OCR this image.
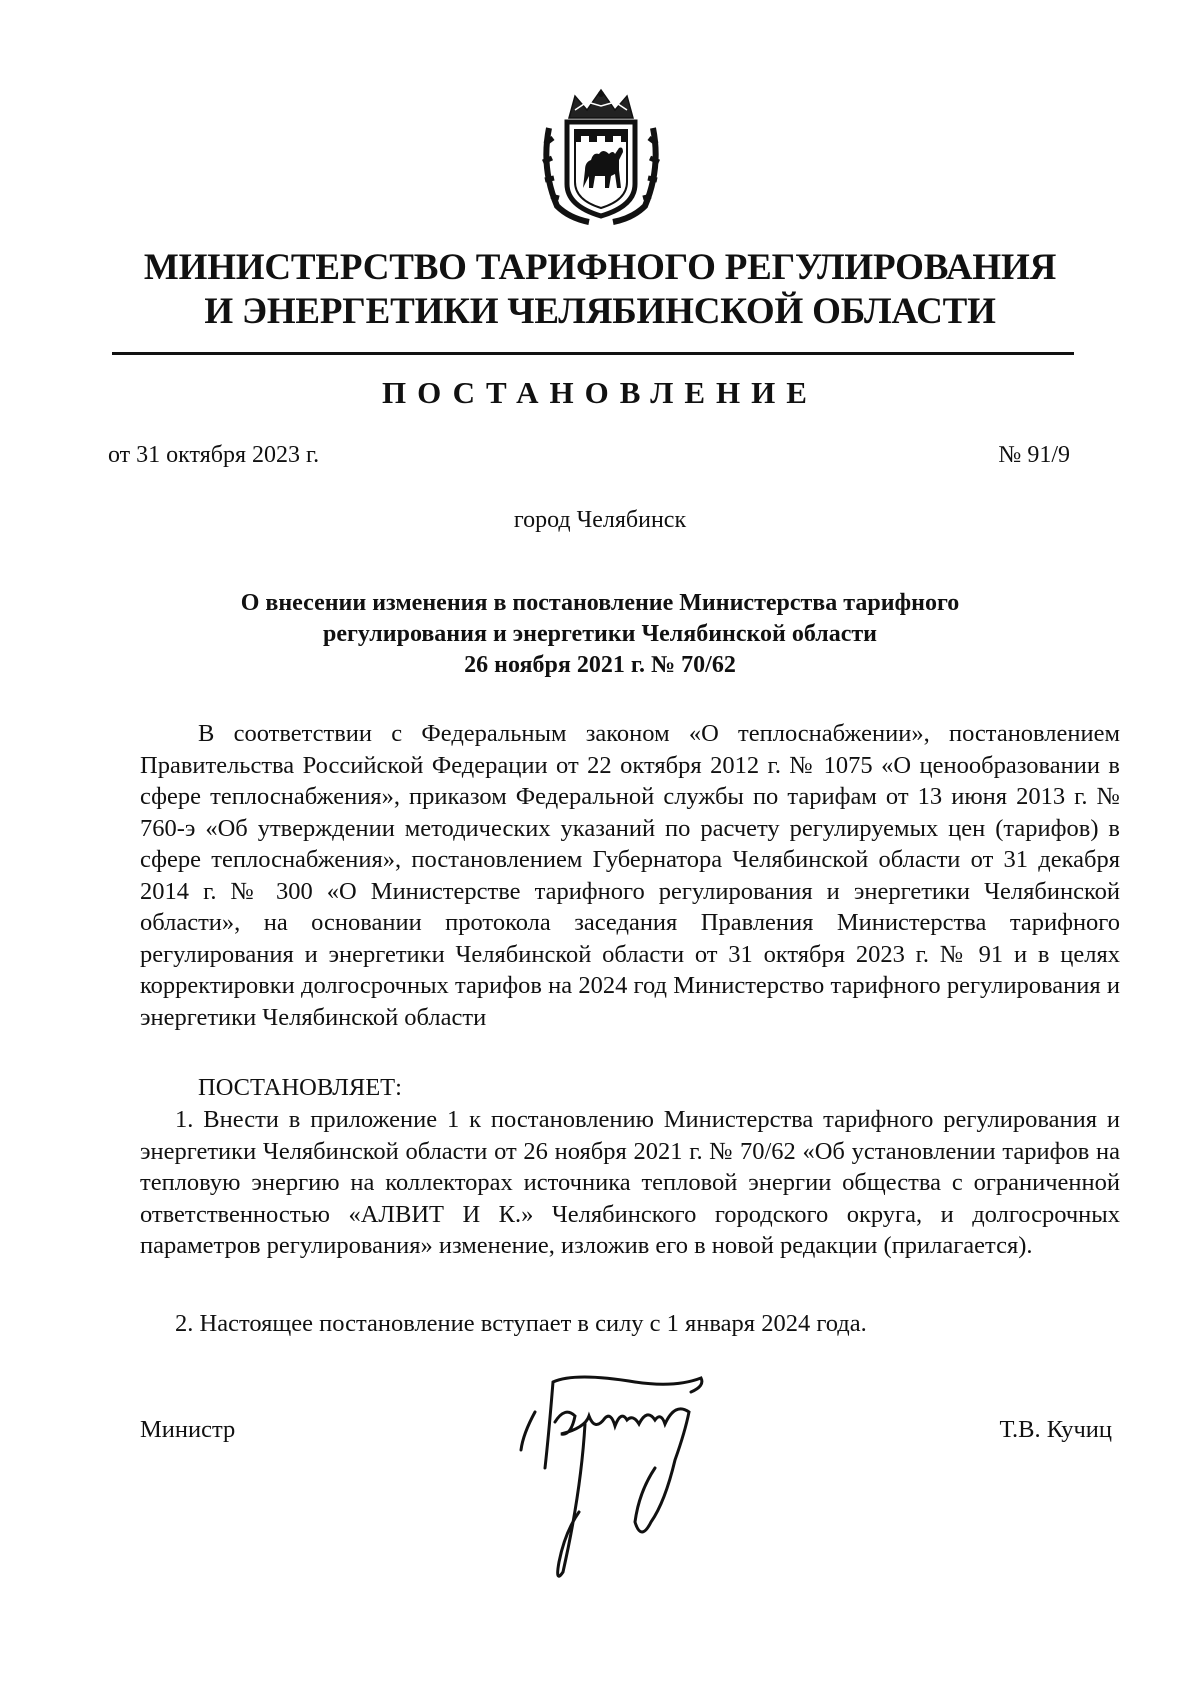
МИНИСТЕРСТВО ТАРИФНОГО РЕГУЛИРОВАНИЯ
И ЭНЕРГЕТИКИ ЧЕЛЯБИНСКОЙ ОБЛАСТИ
ПОСТАНОВЛЕНИЕ
от 31 октября 2023 г.	№ 91/9
город Челябинск
О внесении изменения в постановление Министерства тарифного
регулирования и энергетики Челябинской области
26 ноября 2021 г. № 70/62
В соответствии с Федеральным законом «О теплоснабжении», постановлением Правительства Российской Федерации от 22 октября 2012 г. № 1075 «О ценообразовании в сфере теплоснабжения», приказом Федеральной службы по тарифам от 13 июня 2013 г. № 760-э «Об утверждении методических указаний по расчету регулируемых цен (тарифов) в сфере теплоснабжения», постановлением Губернатора Челябинской области от 31 декабря 2014 г. № 300 «О Министерстве тарифного регулирования и энергетики Челябинской области», на основании протокола заседания Правления Министерства тарифного регулирования и энергетики Челябинской области от 31 октября 2023 г. № 91 и в целях корректировки долгосрочных тарифов на 2024 год Министерство тарифного регулирования и энергетики Челябинской области
ПОСТАНОВЛЯЕТ:
1. Внести в приложение 1 к постановлению Министерства тарифного регулирования и энергетики Челябинской области от 26 ноября 2021 г. № 70/62 «Об установлении тарифов на тепловую энергию на коллекторах источника тепловой энергии общества с ограниченной ответственностью «АЛВИТ И К.» Челябинского городского округа, и долгосрочных параметров регулирования» изменение, изложив его в новой редакции (прилагается).
2. Настоящее постановление вступает в силу с 1 января 2024 года.
Министр	Т.В. Кучиц
